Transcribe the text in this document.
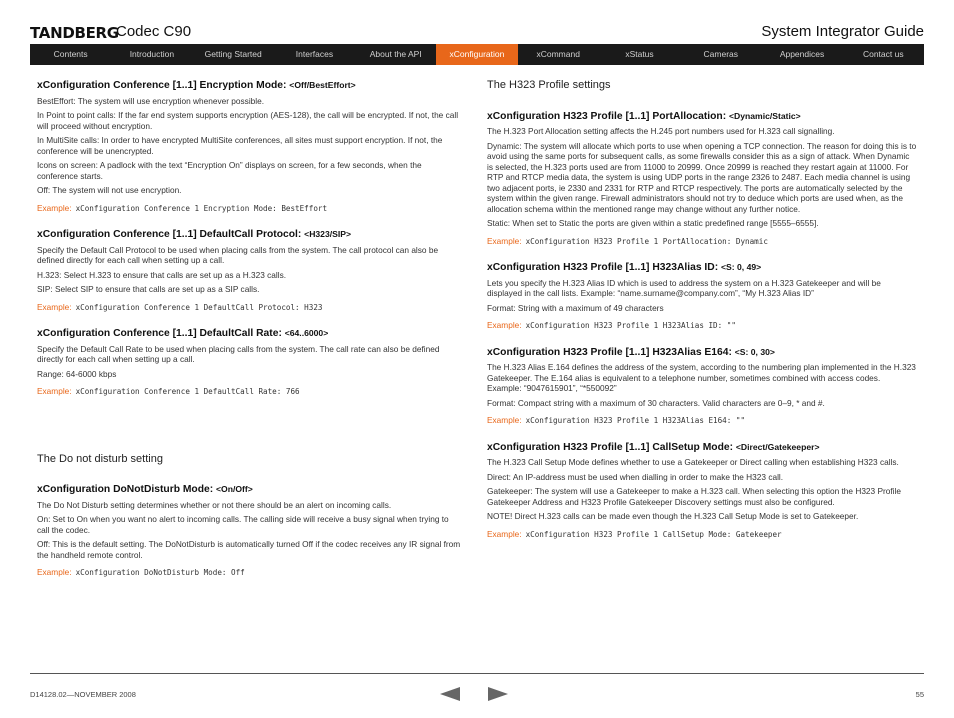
TANDBERG
Codec C90	System Integrator Guide
Contents	Introduction	Getting Started	Interfaces	About the API	xConfiguration	xCommand	xStatus	Cameras	Appendices	Contact us
xConfiguration Conference [1..1] Encryption Mode: <Off/BestEffort>
BestEffort: The system will use encryption whenever possible.
In Point to point calls: If the far end system supports encryption (AES-128), the call will be encrypted. If not, the call will proceed without encryption.
In MultiSite calls: In order to have encrypted MultiSite conferences, all sites must support encryption. If not, the conference will be unencrypted.
Icons on screen: A padlock with the text “Encryption On” displays on screen, for a few seconds, when the conference starts.
Off: The system will not use encryption.
Example: xConfiguration Conference 1 Encryption Mode: BestEffort
xConfiguration Conference [1..1] DefaultCall Protocol: <H323/SIP>
Specify the Default Call Protocol to be used when placing calls from the system. The call protocol can also be defined directly for each call when setting up a call.
H.323: Select H.323 to ensure that calls are set up as a H.323 calls.
SIP: Select SIP to ensure that calls are set up as a SIP calls.
Example: xConfiguration Conference 1 DefaultCall Protocol: H323
xConfiguration Conference [1..1] DefaultCall Rate: <64..6000>
Specify the Default Call Rate to be used when placing calls from the system. The call rate can also be defined directly for each call when setting up a call.
Range: 64-6000 kbps
Example: xConfiguration Conference 1 DefaultCall Rate: 766
The Do not disturb setting
xConfiguration DoNotDisturb Mode: <On/Off>
The Do Not Disturb setting determines whether or not there should be an alert on incoming calls.
On: Set to On when you want no alert to incoming calls. The calling side will receive a busy signal when trying to call the codec.
Off: This is the default setting. The DoNotDisturb is automatically turned Off if the codec receives any IR signal from the handheld remote control.
Example: xConfiguration DoNotDisturb Mode: Off
The H323 Profile settings
xConfiguration H323 Profile [1..1] PortAllocation: <Dynamic/Static>
The H.323 Port Allocation setting affects the H.245 port numbers used for H.323 call signalling.
Dynamic: The system will allocate which ports to use when opening a TCP connection. The reason for doing this is to avoid using the same ports for subsequent calls, as some firewalls consider this as a sign of attack. When Dynamic is selected, the H.323 ports used are from 11000 to 20999. Once 20999 is reached they restart again at 11000. For RTP and RTCP media data, the system is using UDP ports in the range 2326 to 2487. Each media channel is using two adjacent ports, ie 2330 and 2331 for RTP and RTCP respectively. The ports are automatically selected by the system within the given range. Firewall administrators should not try to deduce which ports are used when, as the allocation schema within the mentioned range may change without any further notice.
Static: When set to Static the ports are given within a static predefined range [5555–6555].
Example: xConfiguration H323 Profile 1 PortAllocation: Dynamic
xConfiguration H323 Profile [1..1] H323Alias ID: <S: 0, 49>
Lets you specify the H.323 Alias ID which is used to address the system on a H.323 Gatekeeper and will be displayed in the call lists. Example: “name.surname@company.com”, “My H.323 Alias ID”
Format: String with a maximum of 49 characters
Example: xConfiguration H323 Profile 1 H323Alias ID: ""
xConfiguration H323 Profile [1..1] H323Alias E164: <S: 0, 30>
The H.323 Alias E.164 defines the address of the system, according to the numbering plan implemented in the H.323 Gatekeeper. The E.164 alias is equivalent to a telephone number, sometimes combined with access codes. Example: “9047615901”, “*550092”
Format: Compact string with a maximum of 30 characters. Valid characters are 0–9, * and #.
Example: xConfiguration H323 Profile 1 H323Alias E164: ""
xConfiguration H323 Profile [1..1] CallSetup Mode: <Direct/Gatekeeper>
The H.323 Call Setup Mode defines whether to use a Gatekeeper or Direct calling when establishing H323 calls.
Direct: An IP-address must be used when dialling in order to make the H323 call.
Gatekeeper: The system will use a Gatekeeper to make a H.323 call. When selecting this option the H323 Profile Gatekeeper Address and H323 Profile Gatekeeper Discovery settings must also be configured.
NOTE! Direct H.323 calls can be made even though the H.323 Call Setup Mode is set to Gatekeeper.
Example: xConfiguration H323 Profile 1 CallSetup Mode: Gatekeeper
D14128.02—NOVEMBER 2008	55
